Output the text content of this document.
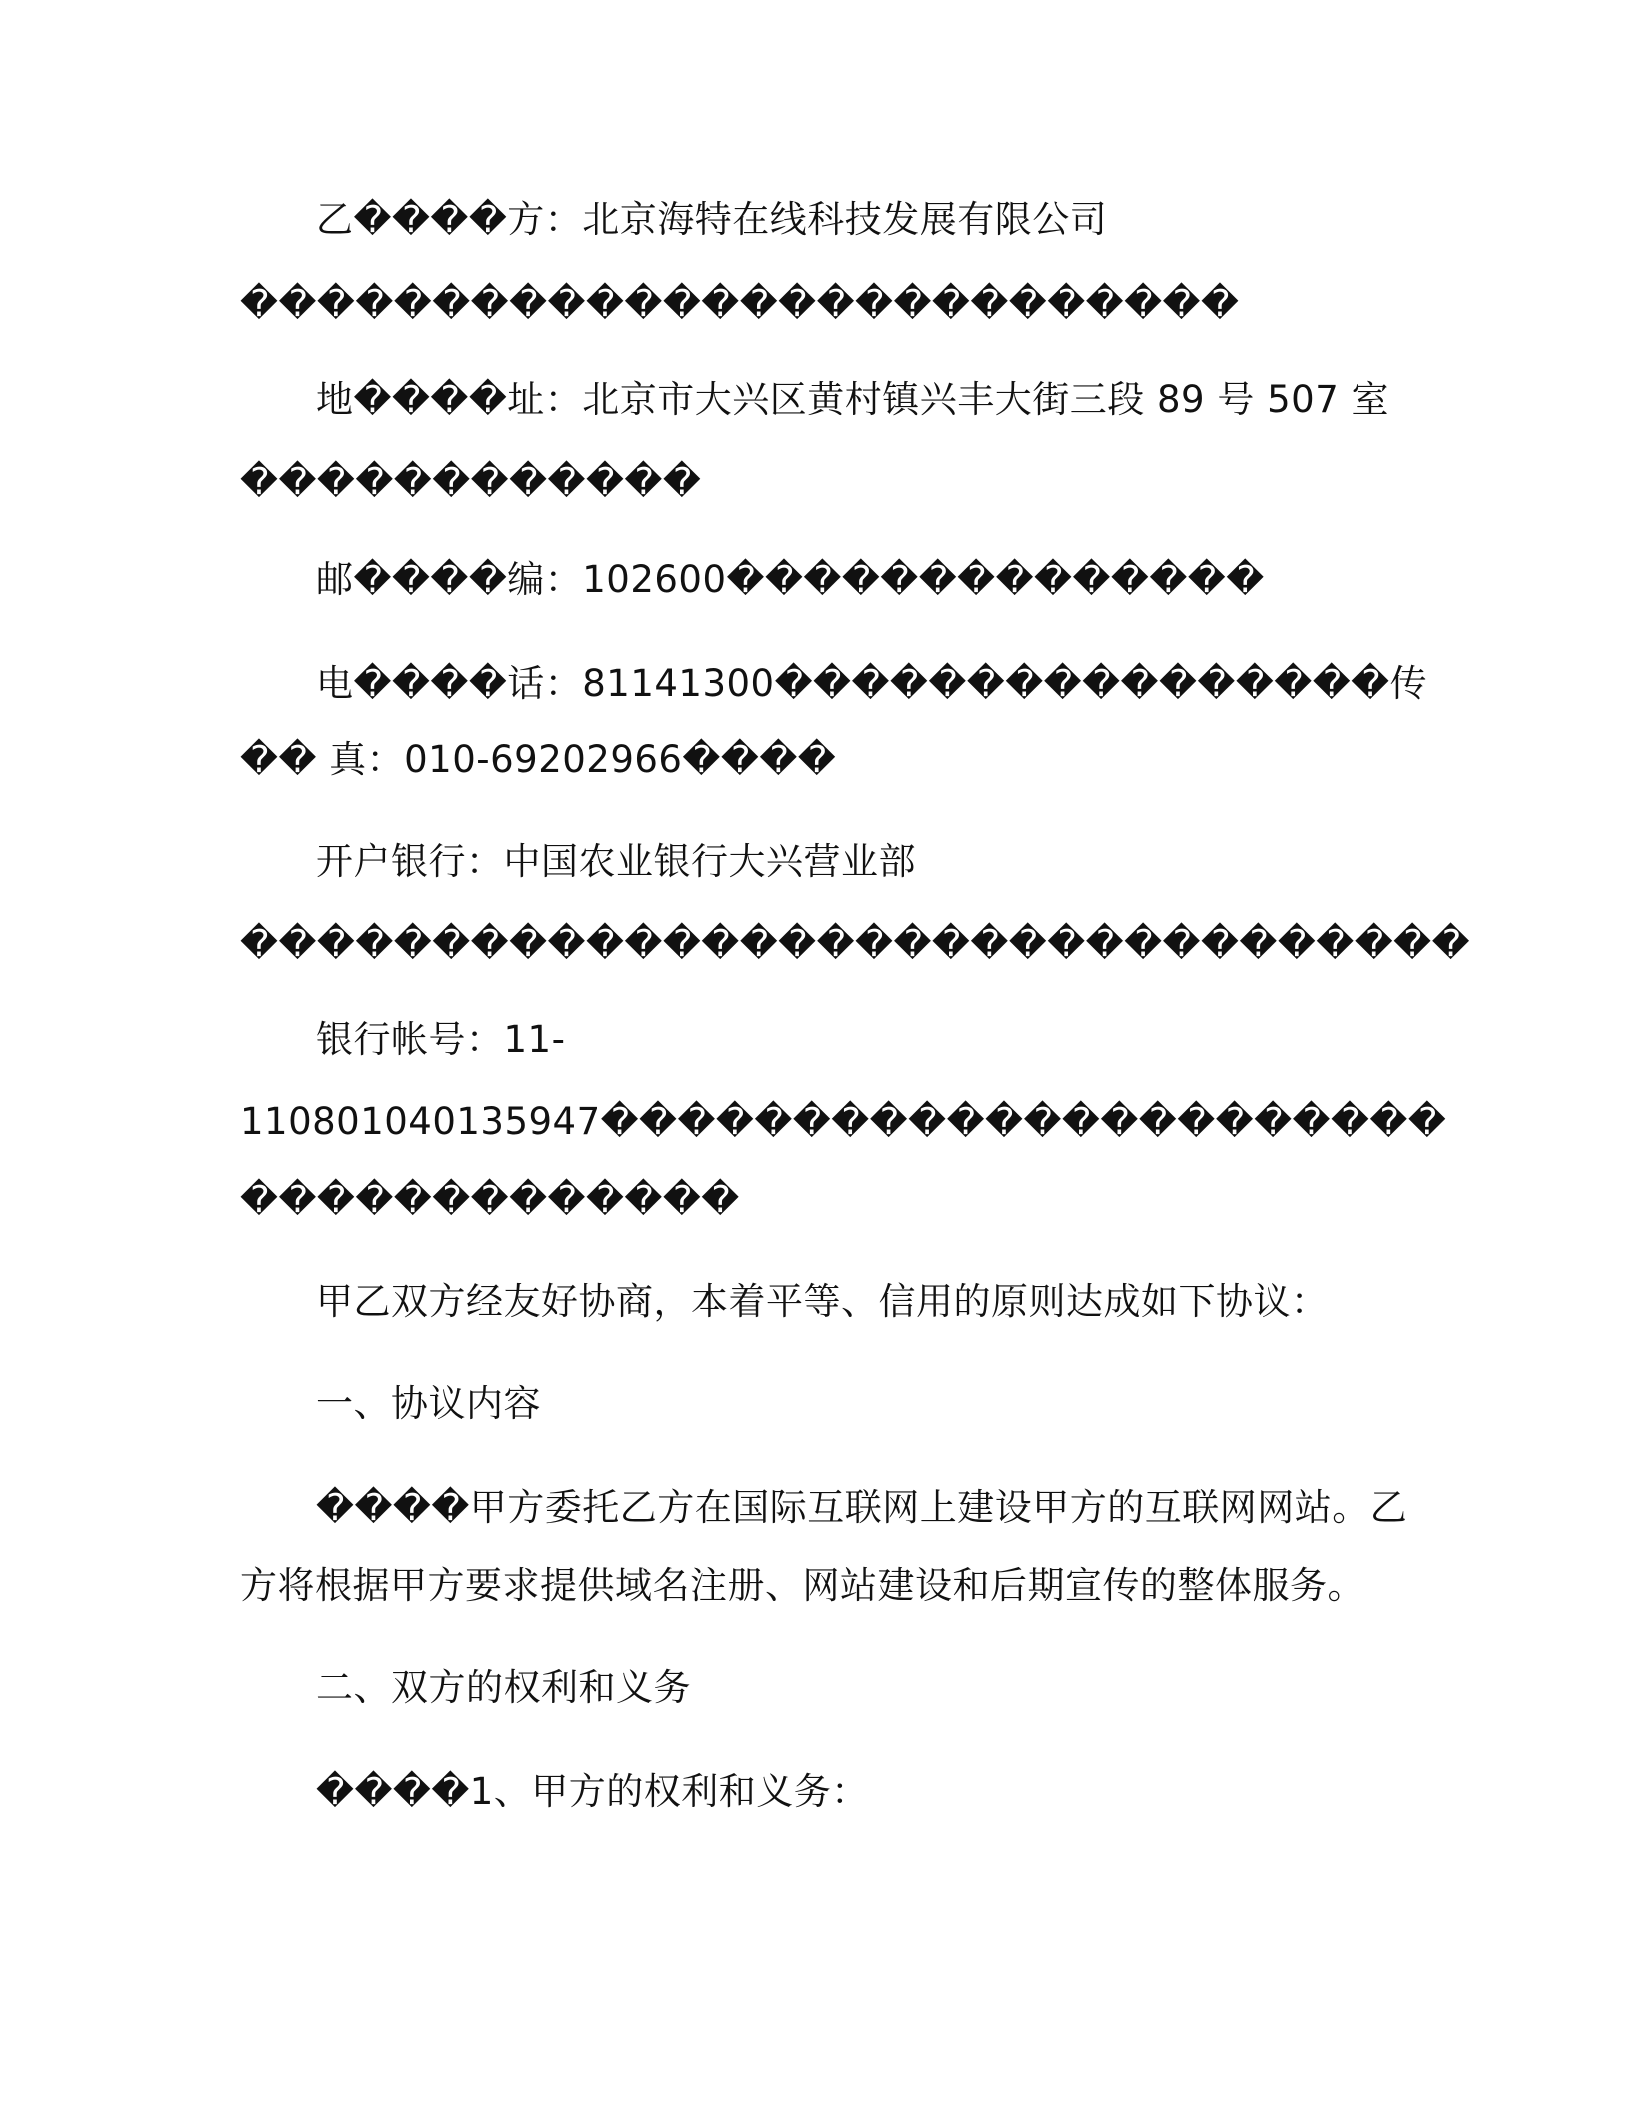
乙����方：北京海特在线科技发展有限公司
��������������������������
地����址：北京市大兴区黄村镇兴丰大街三段 89 号 507 室
������������
邮����编：102600��������������
电����话：81141300����������������传
�� 真：010-69202966����
开户银行：中国农业银行大兴营业部
��������������������������������
银行帐号：11-
110801040135947����������������������
�������������
甲乙双方经友好协商，本着平等、信用的原则达成如下协议：
一、协议内容
����甲方委托乙方在国际互联网上建设甲方的互联网网站。乙
方将根据甲方要求提供域名注册、网站建设和后期宣传的整体服务。
二、双方的权利和义务
����1、甲方的权利和义务：
